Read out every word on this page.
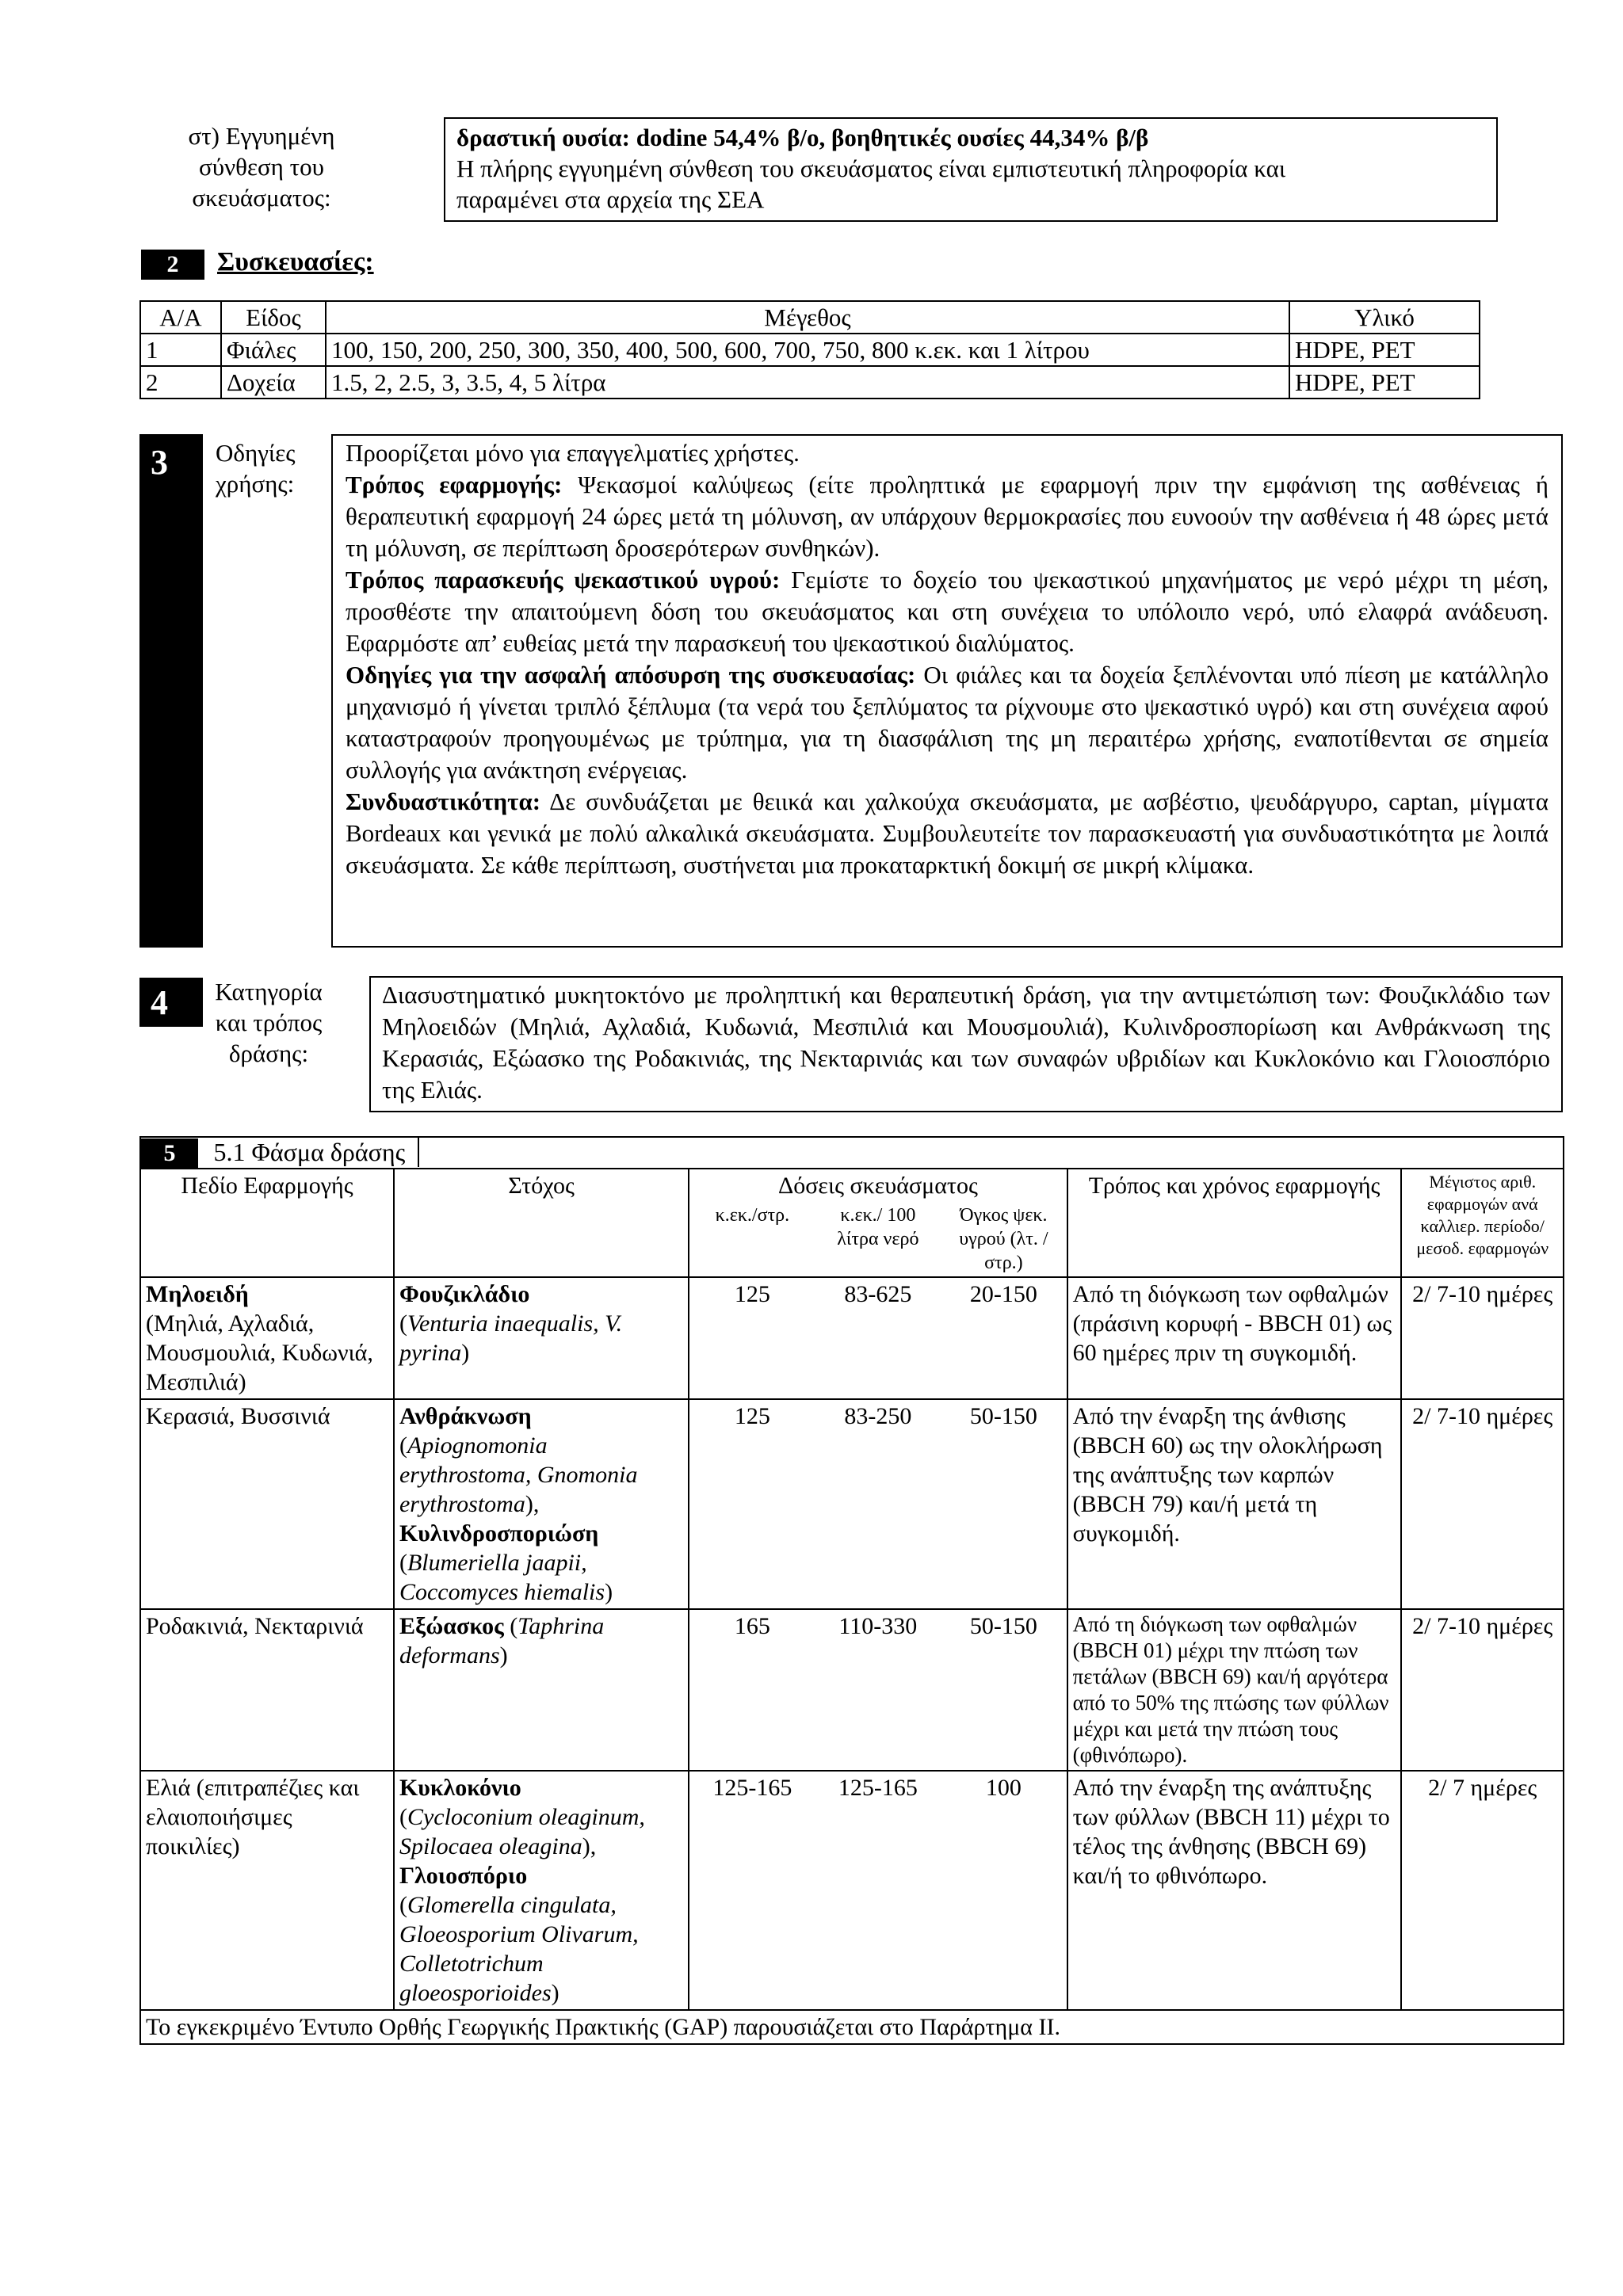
στ) Εγγυημένη
σύνθεση του
σκευάσματος:
δραστική ουσία: dodine 54,4% β/ο, βοηθητικές ουσίες 44,34% β/β
Η πλήρης εγγυημένη σύνθεση του σκευάσματος είναι εμπιστευτική πληροφορία και
παραμένει στα αρχεία της ΣΕΑ
2	Συσκευασίες:
Α/Α	Είδος	Μέγεθος	Υλικό
1	Φιάλες	100, 150, 200, 250, 300, 350, 400, 500, 600, 700, 750, 800 κ.εκ. και 1 λίτρου	HDPE, PET
2	Δοχεία	1.5, 2, 2.5, 3, 3.5, 4, 5 λίτρα	HDPE, PET
3	Οδηγίες
χρήσης:

Προορίζεται μόνο για επαγγελματίες χρήστες.

Τρόπος εφαρμογής: Ψεκασμοί καλύψεως (είτε προληπτικά με εφαρμογή πριν την εμφάνιση της ασθένειας ή θεραπευτική εφαρμογή 24 ώρες μετά τη μόλυνση, αν υπάρχουν θερμοκρασίες που ευνοούν την ασθένεια ή 48 ώρες μετά τη μόλυνση, σε περίπτωση δροσερότερων συνθηκών).

Τρόπος παρασκευής ψεκαστικού υγρού: Γεμίστε το δοχείο του ψεκαστικού μηχανήματος με νερό μέχρι τη μέση, προσθέστε την απαιτούμενη δόση του σκευάσματος και στη συνέχεια το υπόλοιπο νερό, υπό ελαφρά ανάδευση. Εφαρμόστε απ’ ευθείας μετά την παρασκευή του ψεκαστικού διαλύματος.

Οδηγίες για την ασφαλή απόσυρση της συσκευασίας: Οι φιάλες και τα δοχεία ξεπλένονται υπό πίεση με κατάλληλο μηχανισμό ή γίνεται τριπλό ξέπλυμα (τα νερά του ξεπλύματος τα ρίχνουμε στο ψεκαστικό υγρό) και στη συνέχεια αφού καταστραφούν προηγουμένως με τρύπημα, για τη διασφάλιση της μη περαιτέρω χρήσης, εναποτίθενται σε σημεία συλλογής για ανάκτηση ενέργειας.

Συνδυαστικότητα: Δε συνδυάζεται με θειικά και χαλκούχα σκευάσματα, με ασβέστιο, ψευδάργυρο, captan, μίγματα Bordeaux και γενικά με πολύ αλκαλικά σκευάσματα. Συμβουλευτείτε τον παρασκευαστή για συνδυαστικότητα με λοιπά σκευάσματα. Σε κάθε περίπτωση, συστήνεται μια προκαταρκτική δοκιμή σε μικρή κλίμακα.

4	Κατηγορία
και τρόπος
δράσης:

Διασυστηματικό μυκητοκτόνο με προληπτική και θεραπευτική δράση, για την αντιμετώπιση των: Φουζικλάδιο των Μηλοειδών (Μηλιά, Αχλαδιά, Κυδωνιά, Μεσπιλιά και Μουσμουλιά), Κυλινδροσπορίωση και Ανθράκνωση της Κερασιάς, Εξώασκο της Ροδακινιάς, της Νεκταρινιάς και των συναφών υβριδίων και Κυκλοκόνιο και Γλοιοσπόριο της Ελιάς.

5 5.1 Φάσμα δράσης						
Πεδίο Εφαρμογής	Στόχος	Δόσεις σκευάσματος			Τρόπος και χρόνος εφαρμογής	Μέγιστος αριθ. εφαρμογών ανά καλλιερ. περίοδο/μεσοδ. εφαρμογών
		κ.εκ./στρ.	κ.εκ./ 100 λίτρα νερό	Όγκος ψεκ. υγρού (λτ. / στρ.)		
Μηλοειδή
(Μηλιά, Αχλαδιά, Μουσμουλιά, Κυδωνιά, Μεσπιλιά)	Φουζικλάδιο
(Venturia inaequalis, V. pyrina)	125	83-625	20-150	Από τη διόγκωση των οφθαλμών (πράσινη κορυφή - BBCH 01) ως 60 ημέρες πριν τη συγκομιδή.	2/ 7-10 ημέρες
Κερασιά, Βυσσινιά	Ανθράκνωση
(Apiognomonia erythrostoma, Gnomonia erythrostoma),
Κυλινδροσποριώση
(Blumeriella jaapii, Coccomyces hiemalis)	125	83-250	50-150	Από την έναρξη της άνθισης (BBCH 60) ως την ολοκλήρωση της ανάπτυξης των καρπών (BBCH 79) και/ή μετά τη συγκομιδή.	2/ 7-10 ημέρες
Ροδακινιά, Νεκταρινιά	Εξώασκος (Taphrina deformans)	165	110-330	50-150	Από τη διόγκωση των οφθαλμών (BBCH 01) μέχρι την πτώση των πετάλων (BBCH 69) και/ή αργότερα από το 50% της πτώσης των φύλλων μέχρι και μετά την πτώση τους (φθινόπωρο).	2/ 7-10 ημέρες
Ελιά (επιτραπέζιες και ελαιοποιήσιμες ποικιλίες)	Κυκλοκόνιο
(Cycloconium oleaginum, Spilocaea oleagina),
Γλοιοσπόριο
(Glomerella cingulata, Gloeosporium Olivarum, Colletotrichum gloeosporioides)	125-165	125-165	100	Από την έναρξη της ανάπτυξης των φύλλων (BBCH 11) μέχρι το τέλος της άνθησης (BBCH 69) και/ή το φθινόπωρο.	2/ 7 ημέρες
Το εγκεκριμένο Έντυπο Ορθής Γεωργικής Πρακτικής (GAP) παρουσιάζεται στο Παράρτημα ΙΙ.						
